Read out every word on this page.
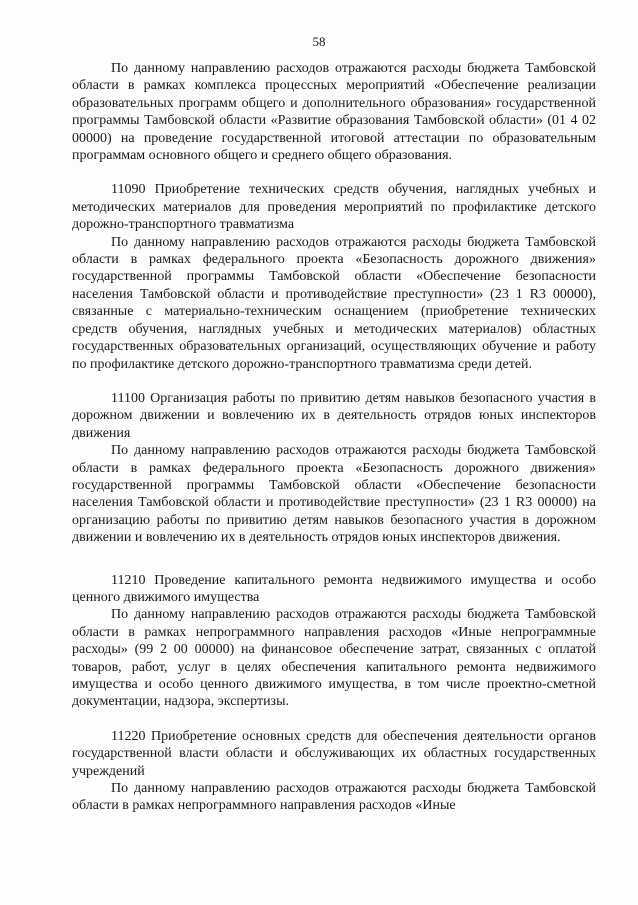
58

По данному направлению расходов отражаются расходы бюджета Тамбовской области в рамках комплекса процессных мероприятий «Обеспечение реализации образовательных программ общего и дополнительного образования» государственной программы Тамбовской области «Развитие образования Тамбовской области» (01 4 02 00000) на проведение государственной итоговой аттестации по образовательным программам основного общего и среднего общего образования.

11090 Приобретение технических средств обучения, наглядных учебных и методических материалов для проведения мероприятий по профилактике детского дорожно-транспортного травматизма

По данному направлению расходов отражаются расходы бюджета Тамбовской области в рамках федерального проекта «Безопасность дорожного движения» государственной программы Тамбовской области «Обеспечение безопасности населения Тамбовской области и противодействие преступности» (23 1 R3 00000), связанные с материально-техническим оснащением (приобретение технических средств обучения, наглядных учебных и методических материалов) областных государственных образовательных организаций, осуществляющих обучение и работу по профилактике детского дорожно-транспортного травматизма среди детей.

11100 Организация работы по привитию детям навыков безопасного участия в дорожном движении и вовлечению их в деятельность отрядов юных инспекторов движения

По данному направлению расходов отражаются расходы бюджета Тамбовской области в рамках федерального проекта «Безопасность дорожного движения» государственной программы Тамбовской области «Обеспечение безопасности населения Тамбовской области и противодействие преступности» (23 1 R3 00000) на организацию работы по привитию детям навыков безопасного участия в дорожном движении и вовлечению их в деятельность отрядов юных инспекторов движения.

11210 Проведение капитального ремонта недвижимого имущества и особо ценного движимого имущества

По данному направлению расходов отражаются расходы бюджета Тамбовской области в рамках непрограммного направления расходов «Иные непрограммные расходы» (99 2 00 00000) на финансовое обеспечение затрат, связанных с оплатой товаров, работ, услуг в целях обеспечения капитального ремонта недвижимого имущества и особо ценного движимого имущества, в том числе проектно-сметной документации, надзора, экспертизы.

11220 Приобретение основных средств для обеспечения деятельности органов государственной власти области и обслуживающих их областных государственных учреждений

По данному направлению расходов отражаются расходы бюджета Тамбовской области в рамках непрограммного направления расходов «Иные
